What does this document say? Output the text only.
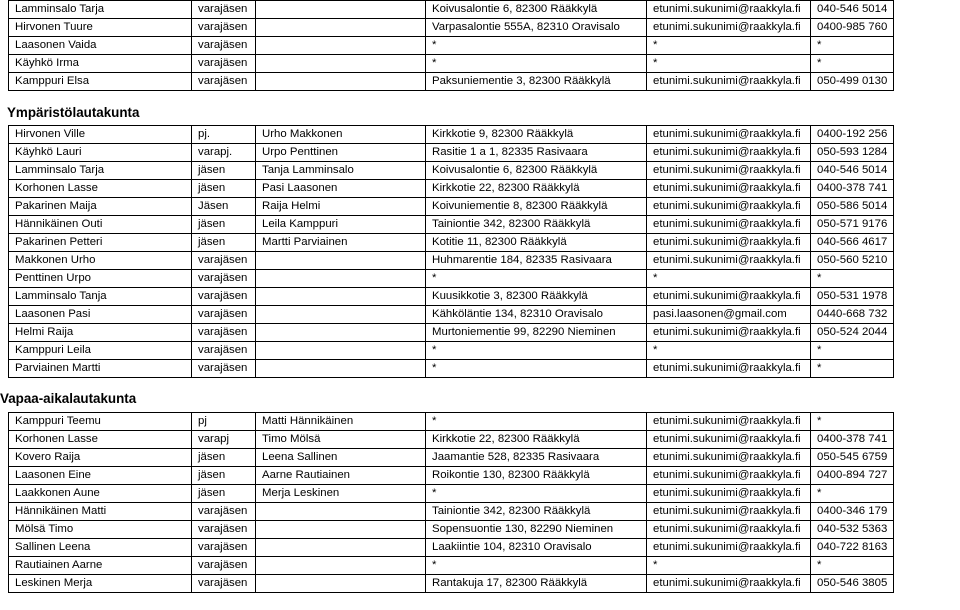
Lamminsalo Tarja	varajäsen		Koivusalontie 6, 82300 Rääkkylä	etunimi.sukunimi@raakkyla.fi	040-546 5014
Hirvonen Tuure	varajäsen		Varpasalontie 555A, 82310 Oravisalo	etunimi.sukunimi@raakkyla.fi	0400-985 760
Laasonen Vaida	varajäsen		*	*	*
Käyhkö Irma	varajäsen		*	*	*
Kamppuri Elsa	varajäsen		Paksuniementie 3, 82300 Rääkkylä	etunimi.sukunimi@raakkyla.fi	050-499 0130
Ympäristölautakunta
Hirvonen Ville	pj.	Urho Makkonen	Kirkkotie 9, 82300 Rääkkylä	etunimi.sukunimi@raakkyla.fi	0400-192 256
Käyhkö Lauri	varapj.	Urpo Penttinen	Rasitie 1 a 1, 82335 Rasivaara	etunimi.sukunimi@raakkyla.fi	050-593 1284
Lamminsalo Tarja	jäsen	Tanja Lamminsalo	Koivusalontie 6, 82300 Rääkkylä	etunimi.sukunimi@raakkyla.fi	040-546 5014
Korhonen Lasse	jäsen	Pasi Laasonen	Kirkkotie 22, 82300 Rääkkylä	etunimi.sukunimi@raakkyla.fi	0400-378 741
Pakarinen Maija	Jäsen	Raija Helmi	Koivuniementie 8, 82300 Rääkkylä	etunimi.sukunimi@raakkyla.fi	050-586 5014
Hännikäinen Outi	jäsen	Leila Kamppuri	Tainiontie 342, 82300 Rääkkylä	etunimi.sukunimi@raakkyla.fi	050-571 9176
Pakarinen Petteri	jäsen	Martti Parviainen	Kotitie 11, 82300 Rääkkylä	etunimi.sukunimi@raakkyla.fi	040-566 4617
Makkonen Urho	varajäsen		Huhmarentie 184, 82335 Rasivaara	etunimi.sukunimi@raakkyla.fi	050-560 5210
Penttinen Urpo	varajäsen		*	*	*
Lamminsalo Tanja	varajäsen		Kuusikkotie 3, 82300 Rääkkylä	etunimi.sukunimi@raakkyla.fi	050-531 1978
Laasonen Pasi	varajäsen		Kähköläntie 134, 82310 Oravisalo	pasi.laasonen@gmail.com	0440-668 732
Helmi Raija	varajäsen		Murtoniementie 99, 82290 Nieminen	etunimi.sukunimi@raakkyla.fi	050-524 2044
Kamppuri Leila	varajäsen		*	*	*
Parviainen Martti	varajäsen		*	etunimi.sukunimi@raakkyla.fi	*
Vapaa-aikalautakunta
Kamppuri Teemu	pj	Matti Hännikäinen	*	etunimi.sukunimi@raakkyla.fi	*
Korhonen Lasse	varapj	Timo Mölsä	Kirkkotie 22, 82300 Rääkkylä	etunimi.sukunimi@raakkyla.fi	0400-378 741
Kovero Raija	jäsen	Leena Sallinen	Jaamantie 528, 82335 Rasivaara	etunimi.sukunimi@raakkyla.fi	050-545 6759
Laasonen Eine	jäsen	Aarne Rautiainen	Roikontie 130, 82300 Rääkkylä	etunimi.sukunimi@raakkyla.fi	0400-894 727
Laakkonen Aune	jäsen	Merja Leskinen	*	etunimi.sukunimi@raakkyla.fi	*
Hännikäinen Matti	varajäsen		Tainiontie 342, 82300 Rääkkylä	etunimi.sukunimi@raakkyla.fi	0400-346 179
Mölsä Timo	varajäsen		Sopensuontie 130, 82290 Nieminen	etunimi.sukunimi@raakkyla.fi	040-532 5363
Sallinen Leena	varajäsen		Laakiintie 104, 82310 Oravisalo	etunimi.sukunimi@raakkyla.fi	040-722 8163
Rautiainen Aarne	varajäsen		*	*	*
Leskinen Merja	varajäsen		Rantakuja 17, 82300 Rääkkylä	etunimi.sukunimi@raakkyla.fi	050-546 3805
